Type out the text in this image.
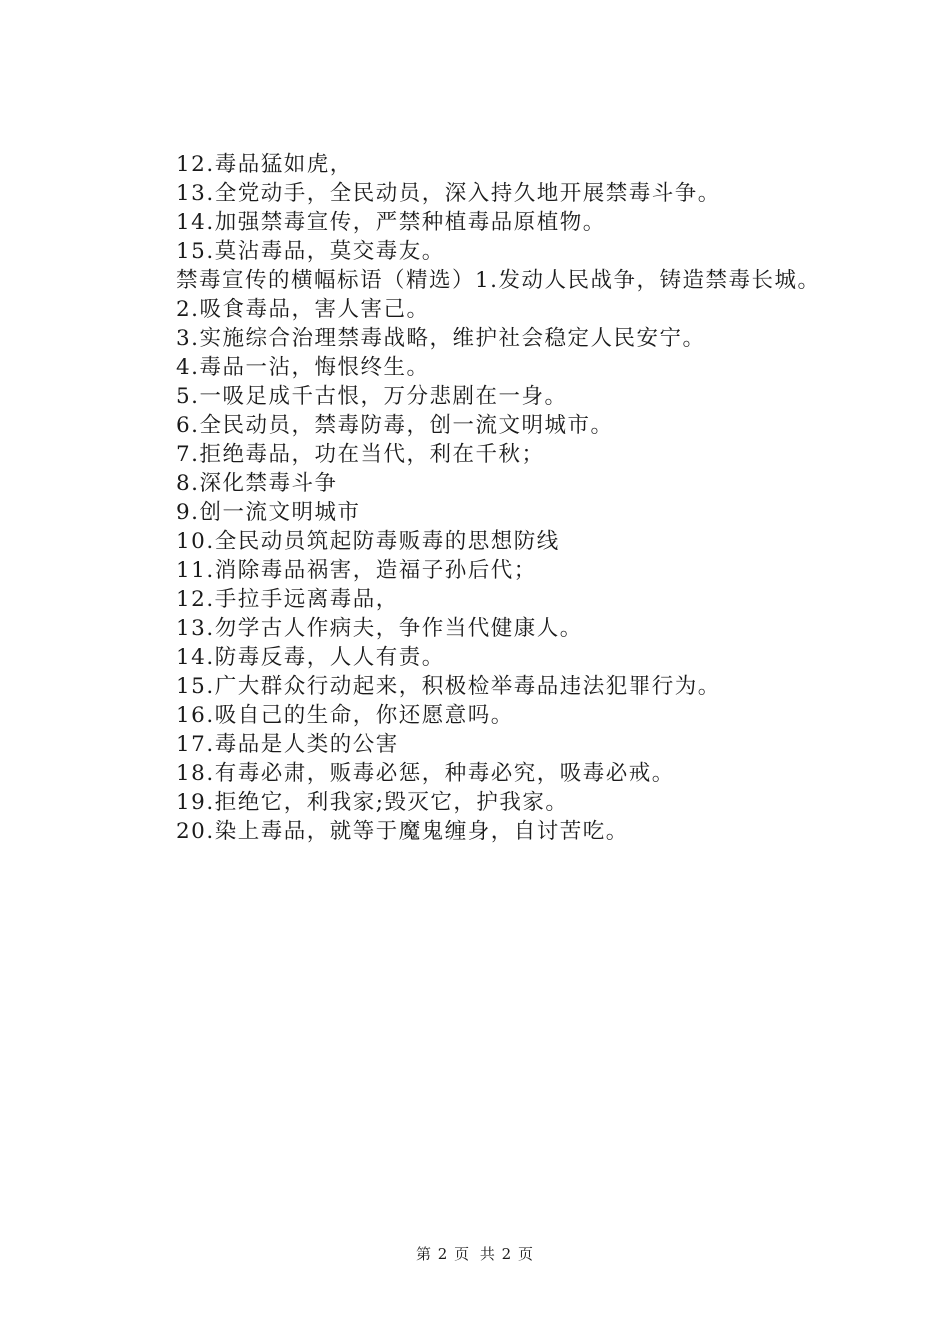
12.毒品猛如虎，

13.全党动手，全民动员，深入持久地开展禁毒斗争。

14.加强禁毒宣传，严禁种植毒品原植物。

15.莫沾毒品，莫交毒友。

禁毒宣传的横幅标语（精选）1.发动人民战争，铸造禁毒长城。

2.吸食毒品，害人害己。

3.实施综合治理禁毒战略，维护社会稳定人民安宁。

4.毒品一沾，悔恨终生。

5.一吸足成千古恨，万分悲剧在一身。

6.全民动员，禁毒防毒，创一流文明城市。

7.拒绝毒品，功在当代，利在千秋；

8.深化禁毒斗争

9.创一流文明城市

10.全民动员筑起防毒贩毒的思想防线

11.消除毒品祸害，造福子孙后代；

12.手拉手远离毒品，

13.勿学古人作病夫，争作当代健康人。

14.防毒反毒，人人有责。

15.广大群众行动起来，积极检举毒品违法犯罪行为。

16.吸自己的生命，你还愿意吗。

17.毒品是人类的公害

18.有毒必肃，贩毒必惩，种毒必究，吸毒必戒。

19.拒绝它，利我家;毁灭它，护我家。

20.染上毒品，就等于魔鬼缠身，自讨苦吃。

第 2 页 共 2 页
